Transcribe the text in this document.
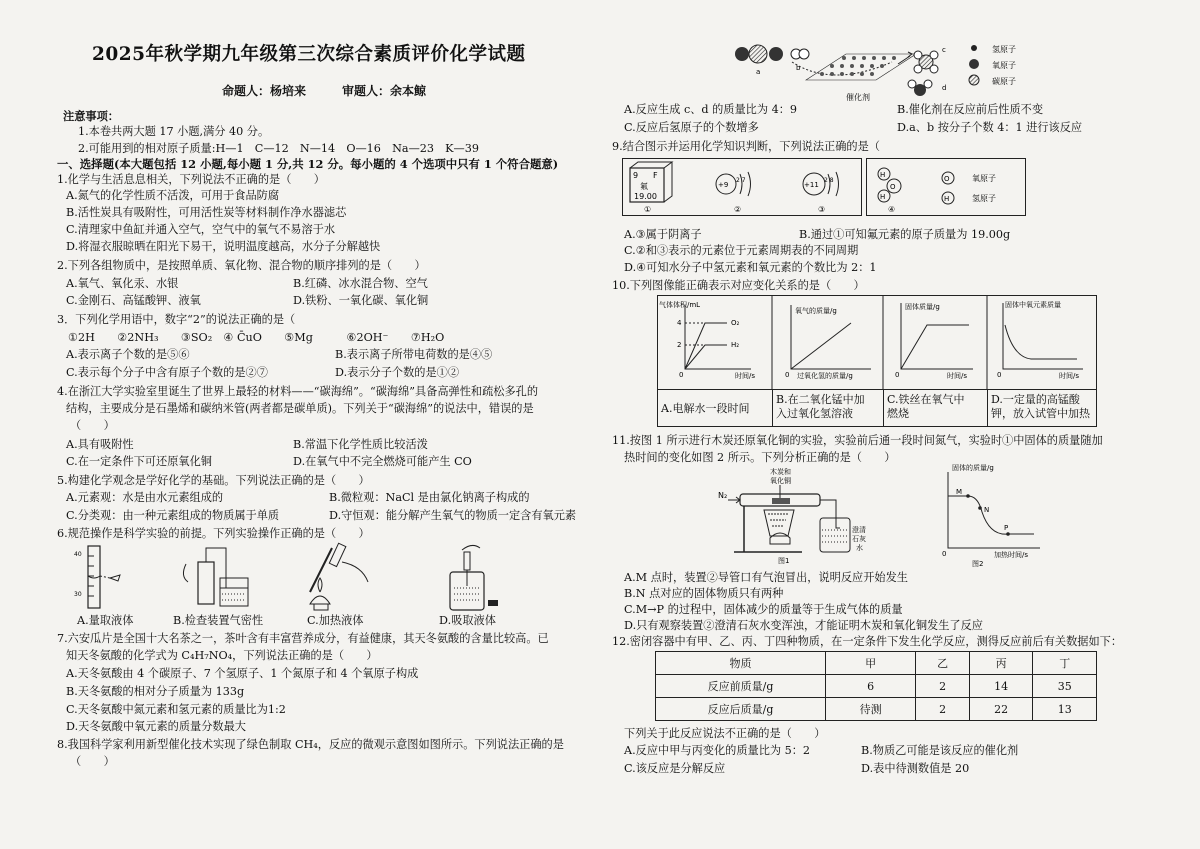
2025年秋学期九年级第三次综合素质评价化学试题
命题人：杨培来　　　审题人：余本鲸
注意事项：
1.本卷共两大题 17 小题,满分 40 分。
2.可能用到的相对原子质量:H—1　C—12　N—14　O—16　Na—23　K—39
一、选择题(本大题包括 12 小题,每小题 1 分,共 12 分。每小题的 4 个选项中只有 1 个符合题意)
1.化学与生活息息相关，下列说法不正确的是（　　）
A.氮气的化学性质不活泼，可用于食品防腐
B.活性炭具有吸附性，可用活性炭等材料制作净水器滤芯
C.清理家中鱼缸并通入空气，空气中的氧气不易溶于水
D.将湿衣服晾晒在阳光下易干，说明温度越高，水分子分解越快
2.下列各组物质中，是按照单质、氧化物、混合物的顺序排列的是（　　）
A.氧气、氧化汞、水银	B.红磷、冰水混合物、空气
C.金刚石、高锰酸钾、液氧	D.铁粉、一氧化碳、氧化铜
3．下列化学用语中，数字“2”的说法正确的是（
①2H　　②2NH₃　　③SO₂　④ C̄uO　　⑤Mg　　　⑥2OH⁻　　⑦H₂O
A.表示离子个数的是⑤⑥	B.表示离子所带电荷数的是④⑤
C.表示每个分子中含有原子个数的是②⑦	D.表示分子个数的是①②
4.在浙江大学实验室里诞生了世界上最轻的材料——“碳海绵”。“碳海绵”具备高弹性和疏松多孔的
结构，主要成分是石墨烯和碳纳米管(两者都是碳单质)。下列关于“碳海绵”的说法中，错误的是
（　　）
A.具有吸附性	B.常温下化学性质比较活泼
C.在一定条件下可还原氧化铜	D.在氧气中不完全燃烧可能产生 CO
5.构建化学观念是学好化学的基础。下列说法正确的是（　　）
A.元素观：水是由水元素组成的	B.微粒观：NaCl 是由氯化钠离子构成的
C.分类观：由一种元素组成的物质属于单质	D.守恒观：能分解产生氧气的物质一定含有氧元素
6.规范操作是科学实验的前提。下列实验操作正确的是（　　）
40
30
A.量取液体	B.检查装置气密性	C.加热液体	D.吸取液体
7.六安瓜片是全国十大名茶之一，茶叶含有丰富营养成分，有益健康，其天冬氨酸的含量比较高。已
知天冬氨酸的化学式为 C₄H₇NO₄，下列说法正确的是（　　）
A.天冬氨酸由 4 个碳原子、7 个氢原子、1 个氮原子和 4 个氧原子构成
B.天冬氨酸的相对分子质量为 133g
C.天冬氨酸中氮元素和氢元素的质量比为1:2
D.天冬氨酸中氧元素的质量分数最大
8.我国科学家利用新型催化技术实现了绿色制取 CH₄，反应的微观示意图如图所示。下列说法正确的是
（　　）
a	b
催化剂
c
d
氢原子
氧原子
碳原子
A.反应生成 c、d 的质量比为 4：9	B.催化剂在反应前后性质不变
C.反应后氢原子的个数增多	D.a、b 按分子个数 4：1 进行该反应
9.结合图示并运用化学知识判断，下列说法正确的是（
9 F
氟
19.00
①
+9
2 7
②
+11
2 8
③
H
O
H
④
O
H
氧原子
氢原子
A.③属于阴离子	B.通过①可知氟元素的原子质量为 19.00g
C.②和③表示的元素位于元素周期表的不同周期
D.④可知水分子中氢元素和氧元素的个数比为 2：1
10.下列图像能正确表示对应变化关系的是（　　）
气体体积/mL
4
2
O₂
H₂
0	时间/s
氧气的质量/g
0 过氧化氢的质量/g
固体质量/g
0	时间/s
固体中氧元素质量
0	时间/s
A.电解水一段时间
B.在二氧化锰中加
入过氧化氢溶液
C.铁丝在氧气中
燃烧
D.一定量的高锰酸
钾，放入试管中加热
11.按图 1 所示进行木炭还原氧化铜的实验，实验前后通一段时间氮气，实验时①中固体的质量随加
热时间的变化如图 2 所示。下列分析正确的是（　　）
N₂
木炭和
氧化铜
澄清
石灰
水
图1
固体的质量/g
M
N
P
0	加热时间/s
图2
A.M 点时，装置②导管口有气泡冒出，说明反应开始发生
B.N 点对应的固体物质只有两种
C.M→P 的过程中，固体减少的质量等于生成气体的质量
D.只有观察装置②澄清石灰水变浑浊，才能证明木炭和氧化铜发生了反应
12.密闭容器中有甲、乙、丙、丁四种物质，在一定条件下发生化学反应，测得反应前后有关数据如下：
物质	甲	乙	丙	丁
反应前质量/g	6	2	14	35
反应后质量/g	待测	2	22	13
下列关于此反应说法不正确的是（　　）
A.反应中甲与丙变化的质量比为 5：2	B.物质乙可能是该反应的催化剂
C.该反应是分解反应	D.表中待测数值是 20
